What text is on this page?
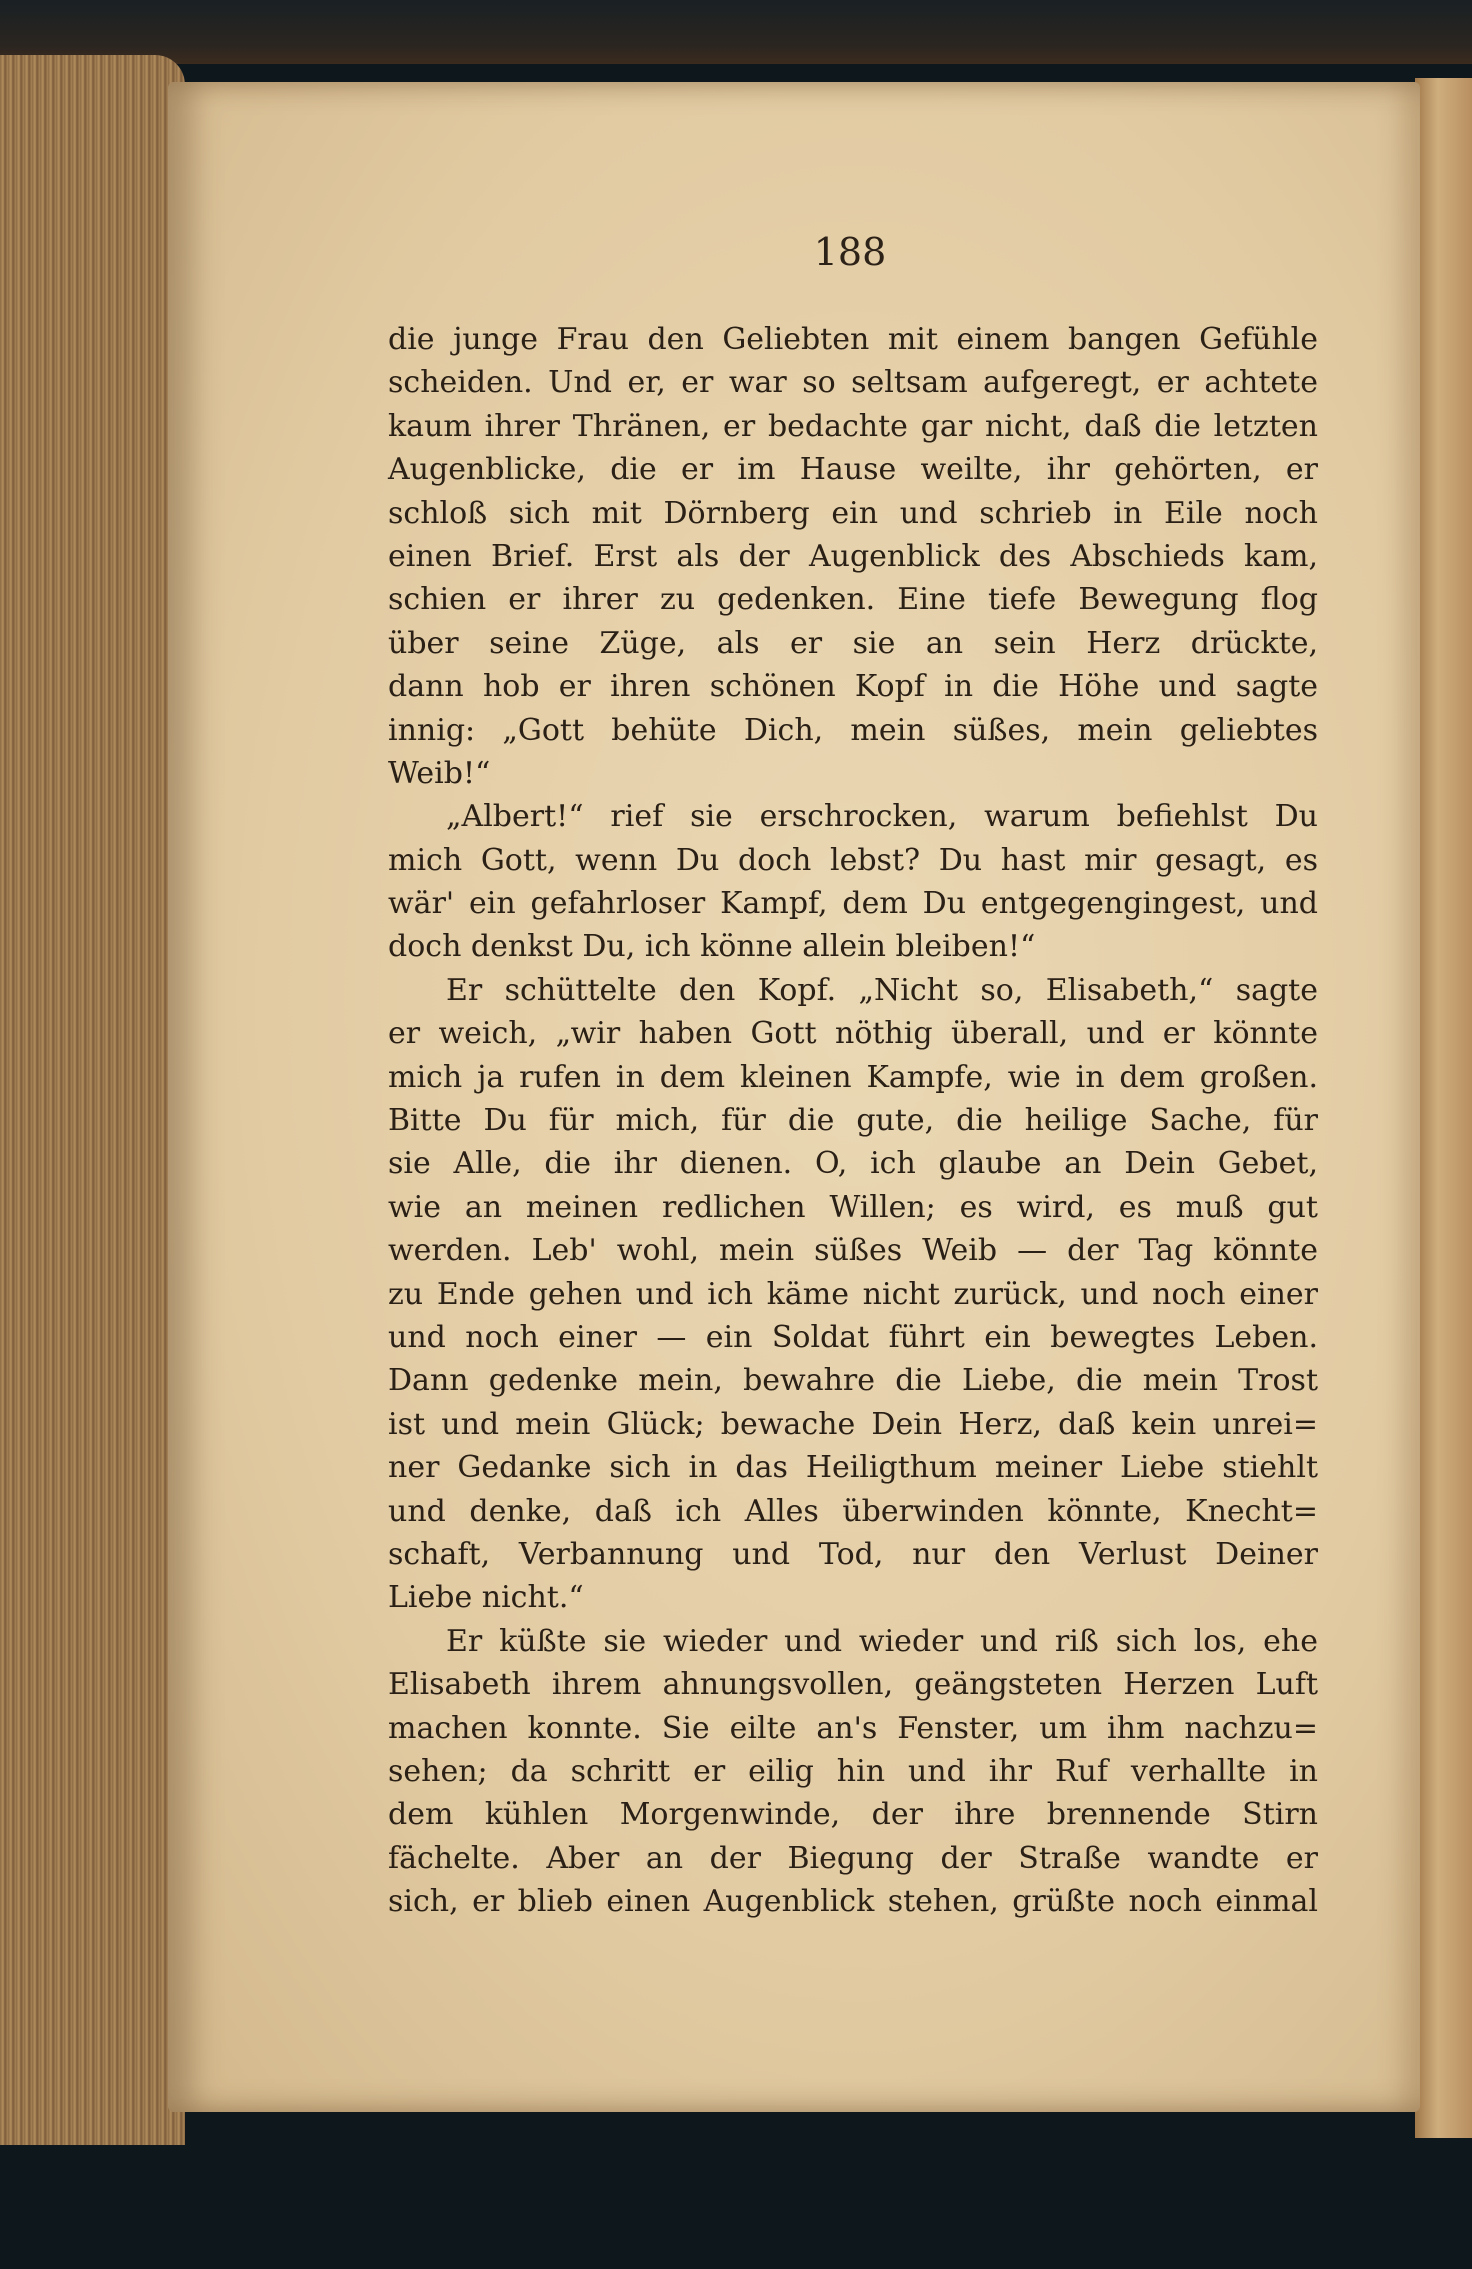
188
die junge Frau den Geliebten mit einem bangen Gefühle
scheiden. Und er, er war so seltsam aufgeregt, er achtete
kaum ihrer Thränen, er bedachte gar nicht, daß die letzten
Augenblicke, die er im Hause weilte, ihr gehörten, er
schloß sich mit Dörnberg ein und schrieb in Eile noch
einen Brief. Erst als der Augenblick des Abschieds kam,
schien er ihrer zu gedenken. Eine tiefe Bewegung flog
über seine Züge, als er sie an sein Herz drückte,
dann hob er ihren schönen Kopf in die Höhe und sagte
innig: „Gott behüte Dich, mein süßes, mein geliebtes
Weib!“
„Albert!“ rief sie erschrocken, warum befiehlst Du
mich Gott, wenn Du doch lebst? Du hast mir gesagt, es
wär' ein gefahrloser Kampf, dem Du entgegengingest, und
doch denkst Du, ich könne allein bleiben!“
Er schüttelte den Kopf. „Nicht so, Elisabeth,“ sagte
er weich, „wir haben Gott nöthig überall, und er könnte
mich ja rufen in dem kleinen Kampfe, wie in dem großen.
Bitte Du für mich, für die gute, die heilige Sache, für
sie Alle, die ihr dienen. O, ich glaube an Dein Gebet,
wie an meinen redlichen Willen; es wird, es muß gut
werden. Leb' wohl, mein süßes Weib — der Tag könnte
zu Ende gehen und ich käme nicht zurück, und noch einer
und noch einer — ein Soldat führt ein bewegtes Leben.
Dann gedenke mein, bewahre die Liebe, die mein Trost
ist und mein Glück; bewache Dein Herz, daß kein unrei=
ner Gedanke sich in das Heiligthum meiner Liebe stiehlt
und denke, daß ich Alles überwinden könnte, Knecht=
schaft, Verbannung und Tod, nur den Verlust Deiner
Liebe nicht.“
Er küßte sie wieder und wieder und riß sich los, ehe
Elisabeth ihrem ahnungsvollen, geängsteten Herzen Luft
machen konnte. Sie eilte an's Fenster, um ihm nachzu=
sehen; da schritt er eilig hin und ihr Ruf verhallte in
dem kühlen Morgenwinde, der ihre brennende Stirn
fächelte. Aber an der Biegung der Straße wandte er
sich, er blieb einen Augenblick stehen, grüßte noch einmal
